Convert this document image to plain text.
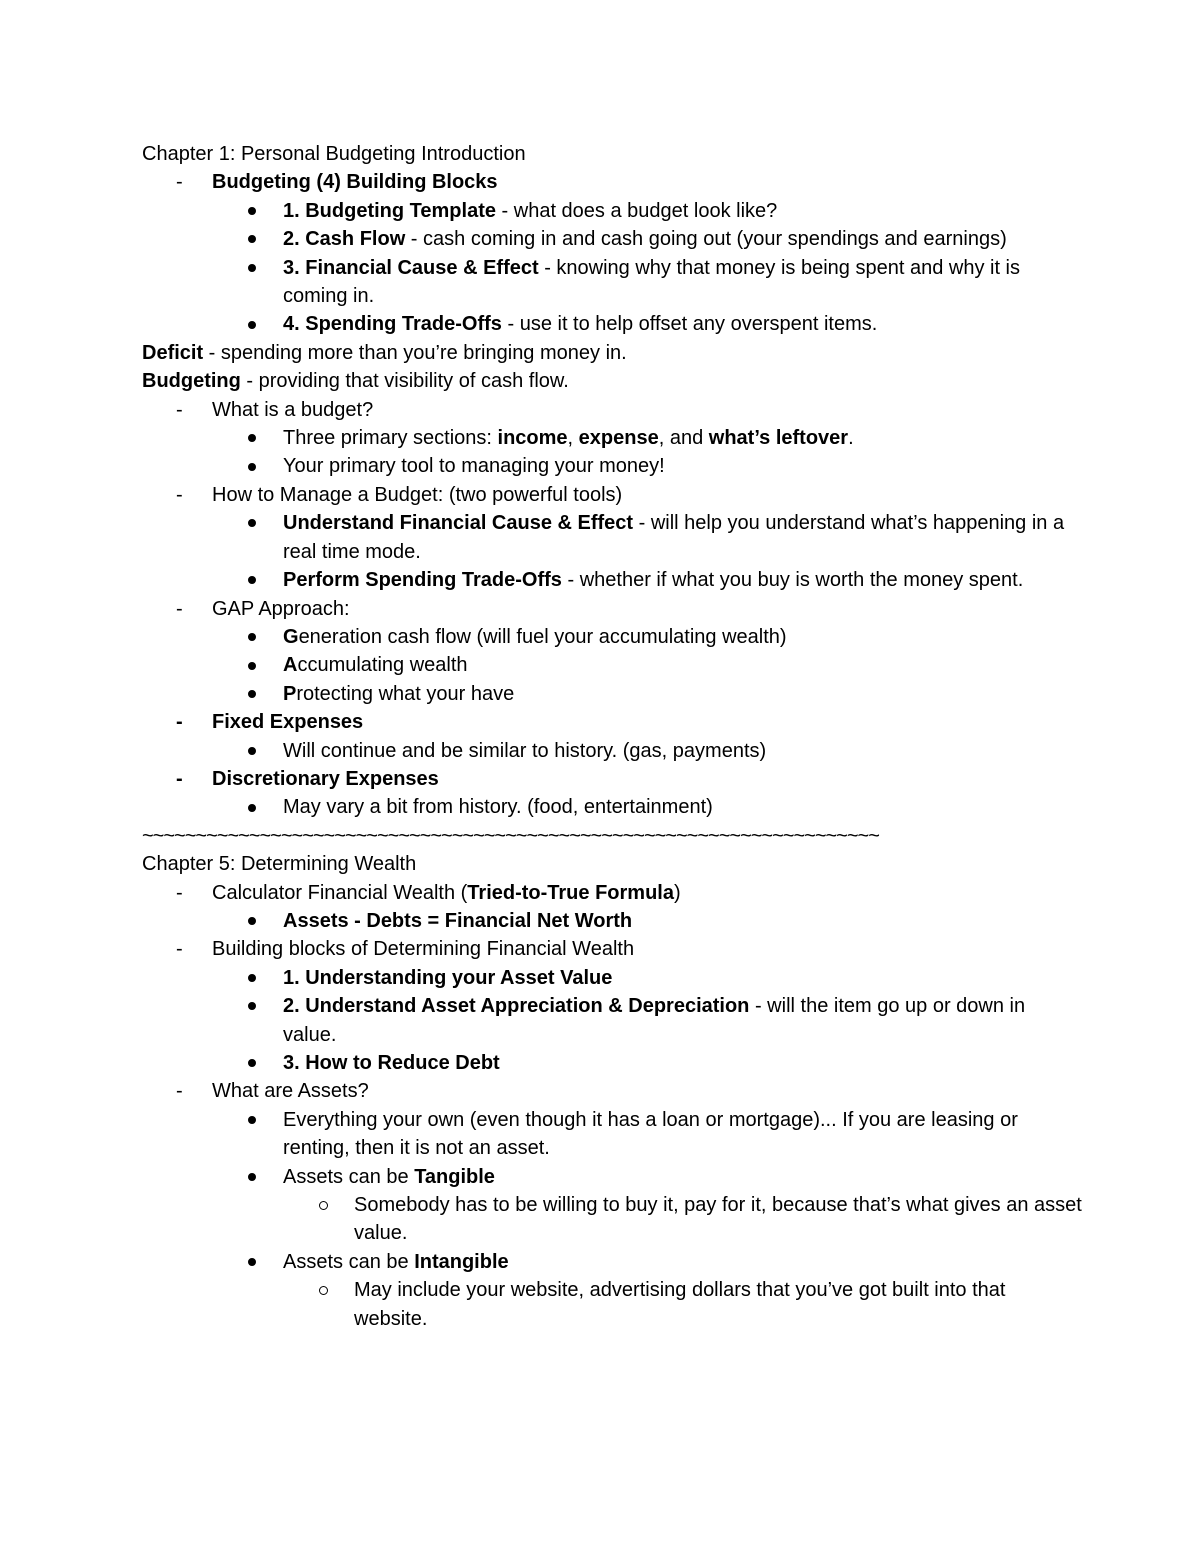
Chapter 1: Personal Budgeting Introduction
-	Budgeting (4) Building Blocks
1. Budgeting Template - what does a budget look like?
2. Cash Flow - cash coming in and cash going out (your spendings and earnings)
3. Financial Cause & Effect - knowing why that money is being spent and why it is coming in.
4. Spending Trade-Offs - use it to help offset any overspent items.
Deficit - spending more than you’re bringing money in.
Budgeting - providing that visibility of cash flow.
-	What is a budget?
Three primary sections: income, expense, and what’s leftover.
Your primary tool to managing your money!
-	How to Manage a Budget: (two powerful tools)
Understand Financial Cause & Effect - will help you understand what’s happening in a real time mode.
Perform Spending Trade-Offs - whether if what you buy is worth the money spent.
-	GAP Approach:
Generation cash flow (will fuel your accumulating wealth)
Accumulating wealth
Protecting what your have
-	Fixed Expenses
Will continue and be similar to history. (gas, payments)
-	Discretionary Expenses
May vary a bit from history. (food, entertainment)
~~~~~~~~~~~~~~~~~~~~~~~~~~~~~~~~~~~~~~~~~~~~~~~~~~~~~~~~~~~~~~~~~~~~~
Chapter 5: Determining Wealth
-	Calculator Financial Wealth (Tried-to-True Formula)
Assets - Debts = Financial Net Worth
-	Building blocks of Determining Financial Wealth
1. Understanding your Asset Value
2. Understand Asset Appreciation & Depreciation - will the item go up or down in value.
3. How to Reduce Debt
-	What are Assets?
Everything your own (even though it has a loan or mortgage)... If you are leasing or renting, then it is not an asset.
Assets can be Tangible
Somebody has to be willing to buy it, pay for it, because that’s what gives an asset value.
Assets can be Intangible
May include your website, advertising dollars that you’ve got built into that website.
